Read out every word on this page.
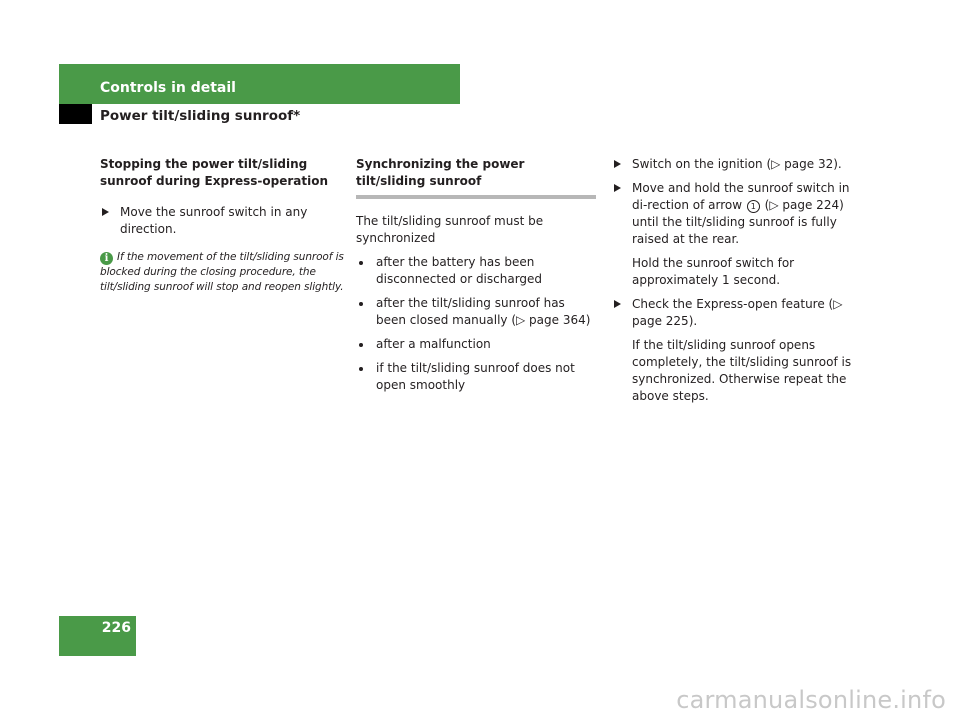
Controls in detail
Power tilt/sliding sunroof*

Stopping the power tilt/sliding sunroof during Express-operation

Move the sunroof switch in any direction.

i If the movement of the tilt/sliding sunroof is blocked during the closing procedure, the tilt/sliding sunroof will stop and reopen slightly.

Synchronizing the power tilt/sliding sunroof

The tilt/sliding sunroof must be synchronized

after the battery has been disconnected or discharged
after the tilt/sliding sunroof has been closed manually (▷ page 364)
after a malfunction
if the tilt/sliding sunroof does not open smoothly
Switch on the ignition (▷ page 32).
Move and hold the sunroof switch in di-rection of arrow 1 (▷ page 224) until the tilt/sliding sunroof is fully raised at the rear.

Hold the sunroof switch for approximately 1 second.

Check the Express-open feature (▷ page 225).

If the tilt/sliding sunroof opens completely, the tilt/sliding sunroof is synchronized. Otherwise repeat the above steps.

226
carmanualsonline.info
